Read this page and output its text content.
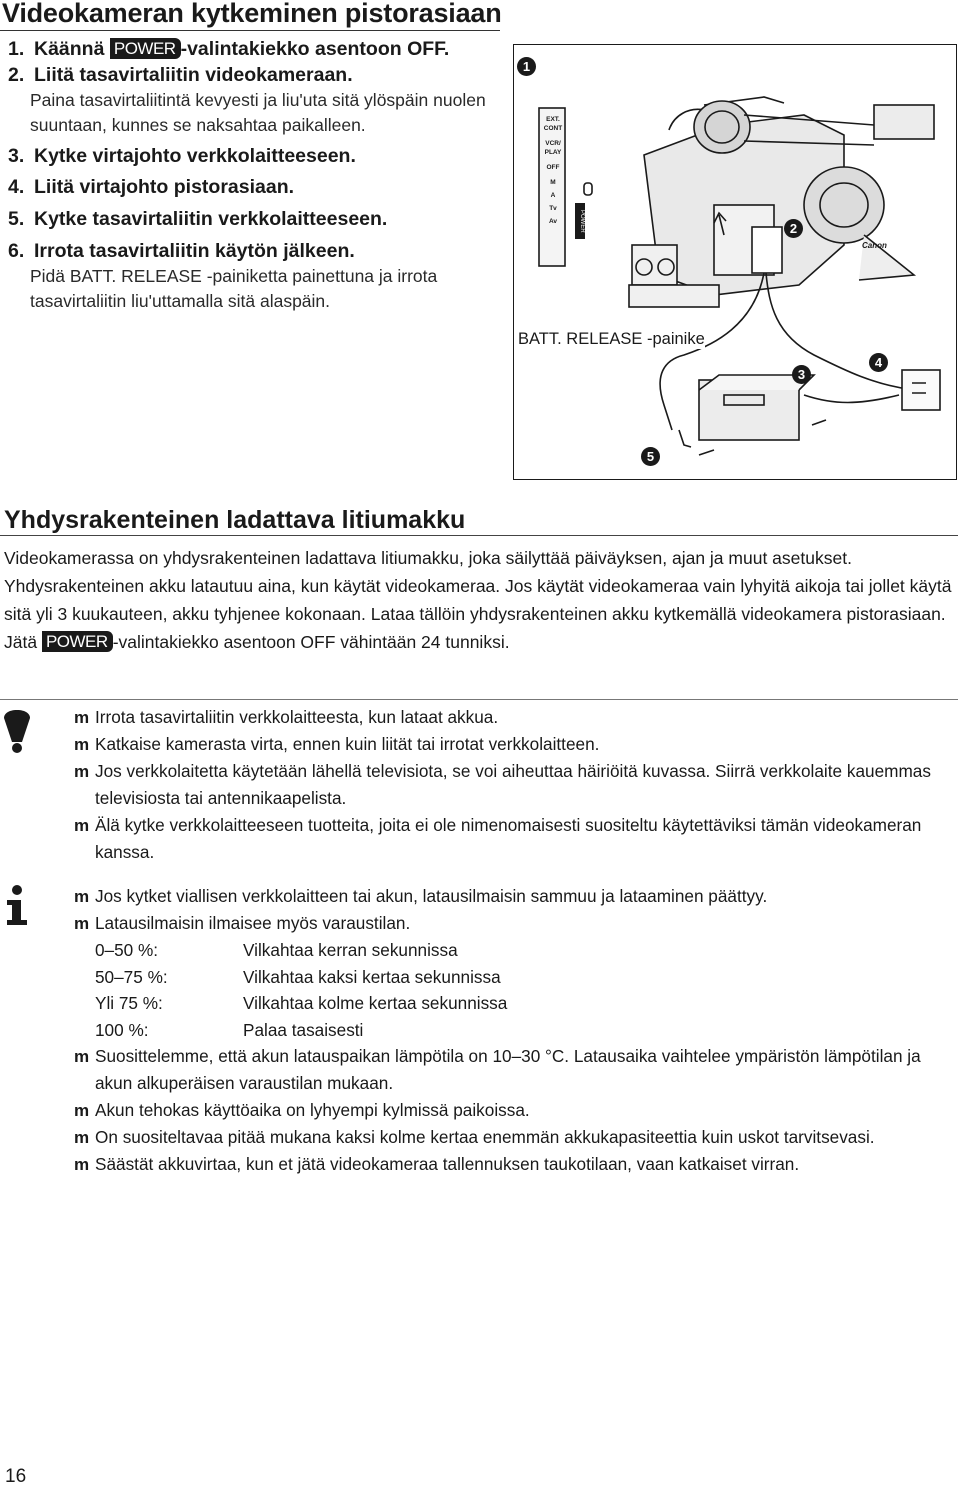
Videokameran kytkeminen pistorasiaan
1. Käännä POWER -valintakiekko asentoon OFF.
2. Liitä tasavirtaliitin videokameraan.
Paina tasavirtaliitintä kevyesti ja liu'uta sitä ylöspäin nuolen suuntaan, kunnes se naksahtaa paikalleen.
3. Kytke virtajohto verkkolaitteeseen.
4. Liitä virtajohto pistorasiaan.
5. Kytke tasavirtaliitin verkkolaitteeseen.
6. Irrota tasavirtaliitin käytön jälkeen.
Pidä BATT. RELEASE -painiketta painettuna ja irrota tasavirtaliitin liu'uttamalla sitä alaspäin.
1
2
3
4
5
BATT. RELEASE -painike
EXT. CONT
VCR/ PLAY
OFF
M
A
Tv
Av	POWER
Canon
Yhdysrakenteinen ladattava litiumakku
Videokamerassa on yhdysrakenteinen ladattava litiumakku, joka säilyttää päiväyksen, ajan ja muut asetukset. Yhdysrakenteinen akku latautuu aina, kun käytät videokameraa. Jos käytät videokameraa vain lyhyitä aikoja tai jollet käytä sitä yli 3 kuukauteen, akku tyhjenee kokonaan. Lataa tällöin yhdysrakenteinen akku kytkemällä videokamera pistorasiaan. Jätä POWER -valintakiekko asentoon OFF vähintään 24 tunniksi.
m Irrota tasavirtaliitin verkkolaitteesta, kun lataat akkua.
m Katkaise kamerasta virta, ennen kuin liität tai irrotat verkkolaitteen.
m Jos verkkolaitetta käytetään lähellä televisiota, se voi aiheuttaa häiriöitä kuvassa. Siirrä verkkolaite kauemmas televisiosta tai antennikaapelista.
m Älä kytke verkkolaitteeseen tuotteita, joita ei ole nimenomaisesti suositeltu käytettäviksi tämän videokameran kanssa.
m Jos kytket viallisen verkkolaitteen tai akun, latausilmaisin sammuu ja lataaminen päättyy.
m Latausilmaisin ilmaisee myös varaustilan.
0–50 %:	Vilkahtaa kerran sekunnissa
50–75 %:	Vilkahtaa kaksi kertaa sekunnissa
Yli 75 %:	Vilkahtaa kolme kertaa sekunnissa
100 %:	Palaa tasaisesti
m Suosittelemme, että akun latauspaikan lämpötila on 10–30 °C. Latausaika vaihtelee ympäristön lämpötilan ja akun alkuperäisen varaustilan mukaan.
m Akun tehokas käyttöaika on lyhyempi kylmissä paikoissa.
m On suositeltavaa pitää mukana kaksi kolme kertaa enemmän akkukapasiteettia kuin uskot tarvitsevasi.
m Säästät akkuvirtaa, kun et jätä videokameraa tallennuksen taukotilaan, vaan katkaiset virran.
16
